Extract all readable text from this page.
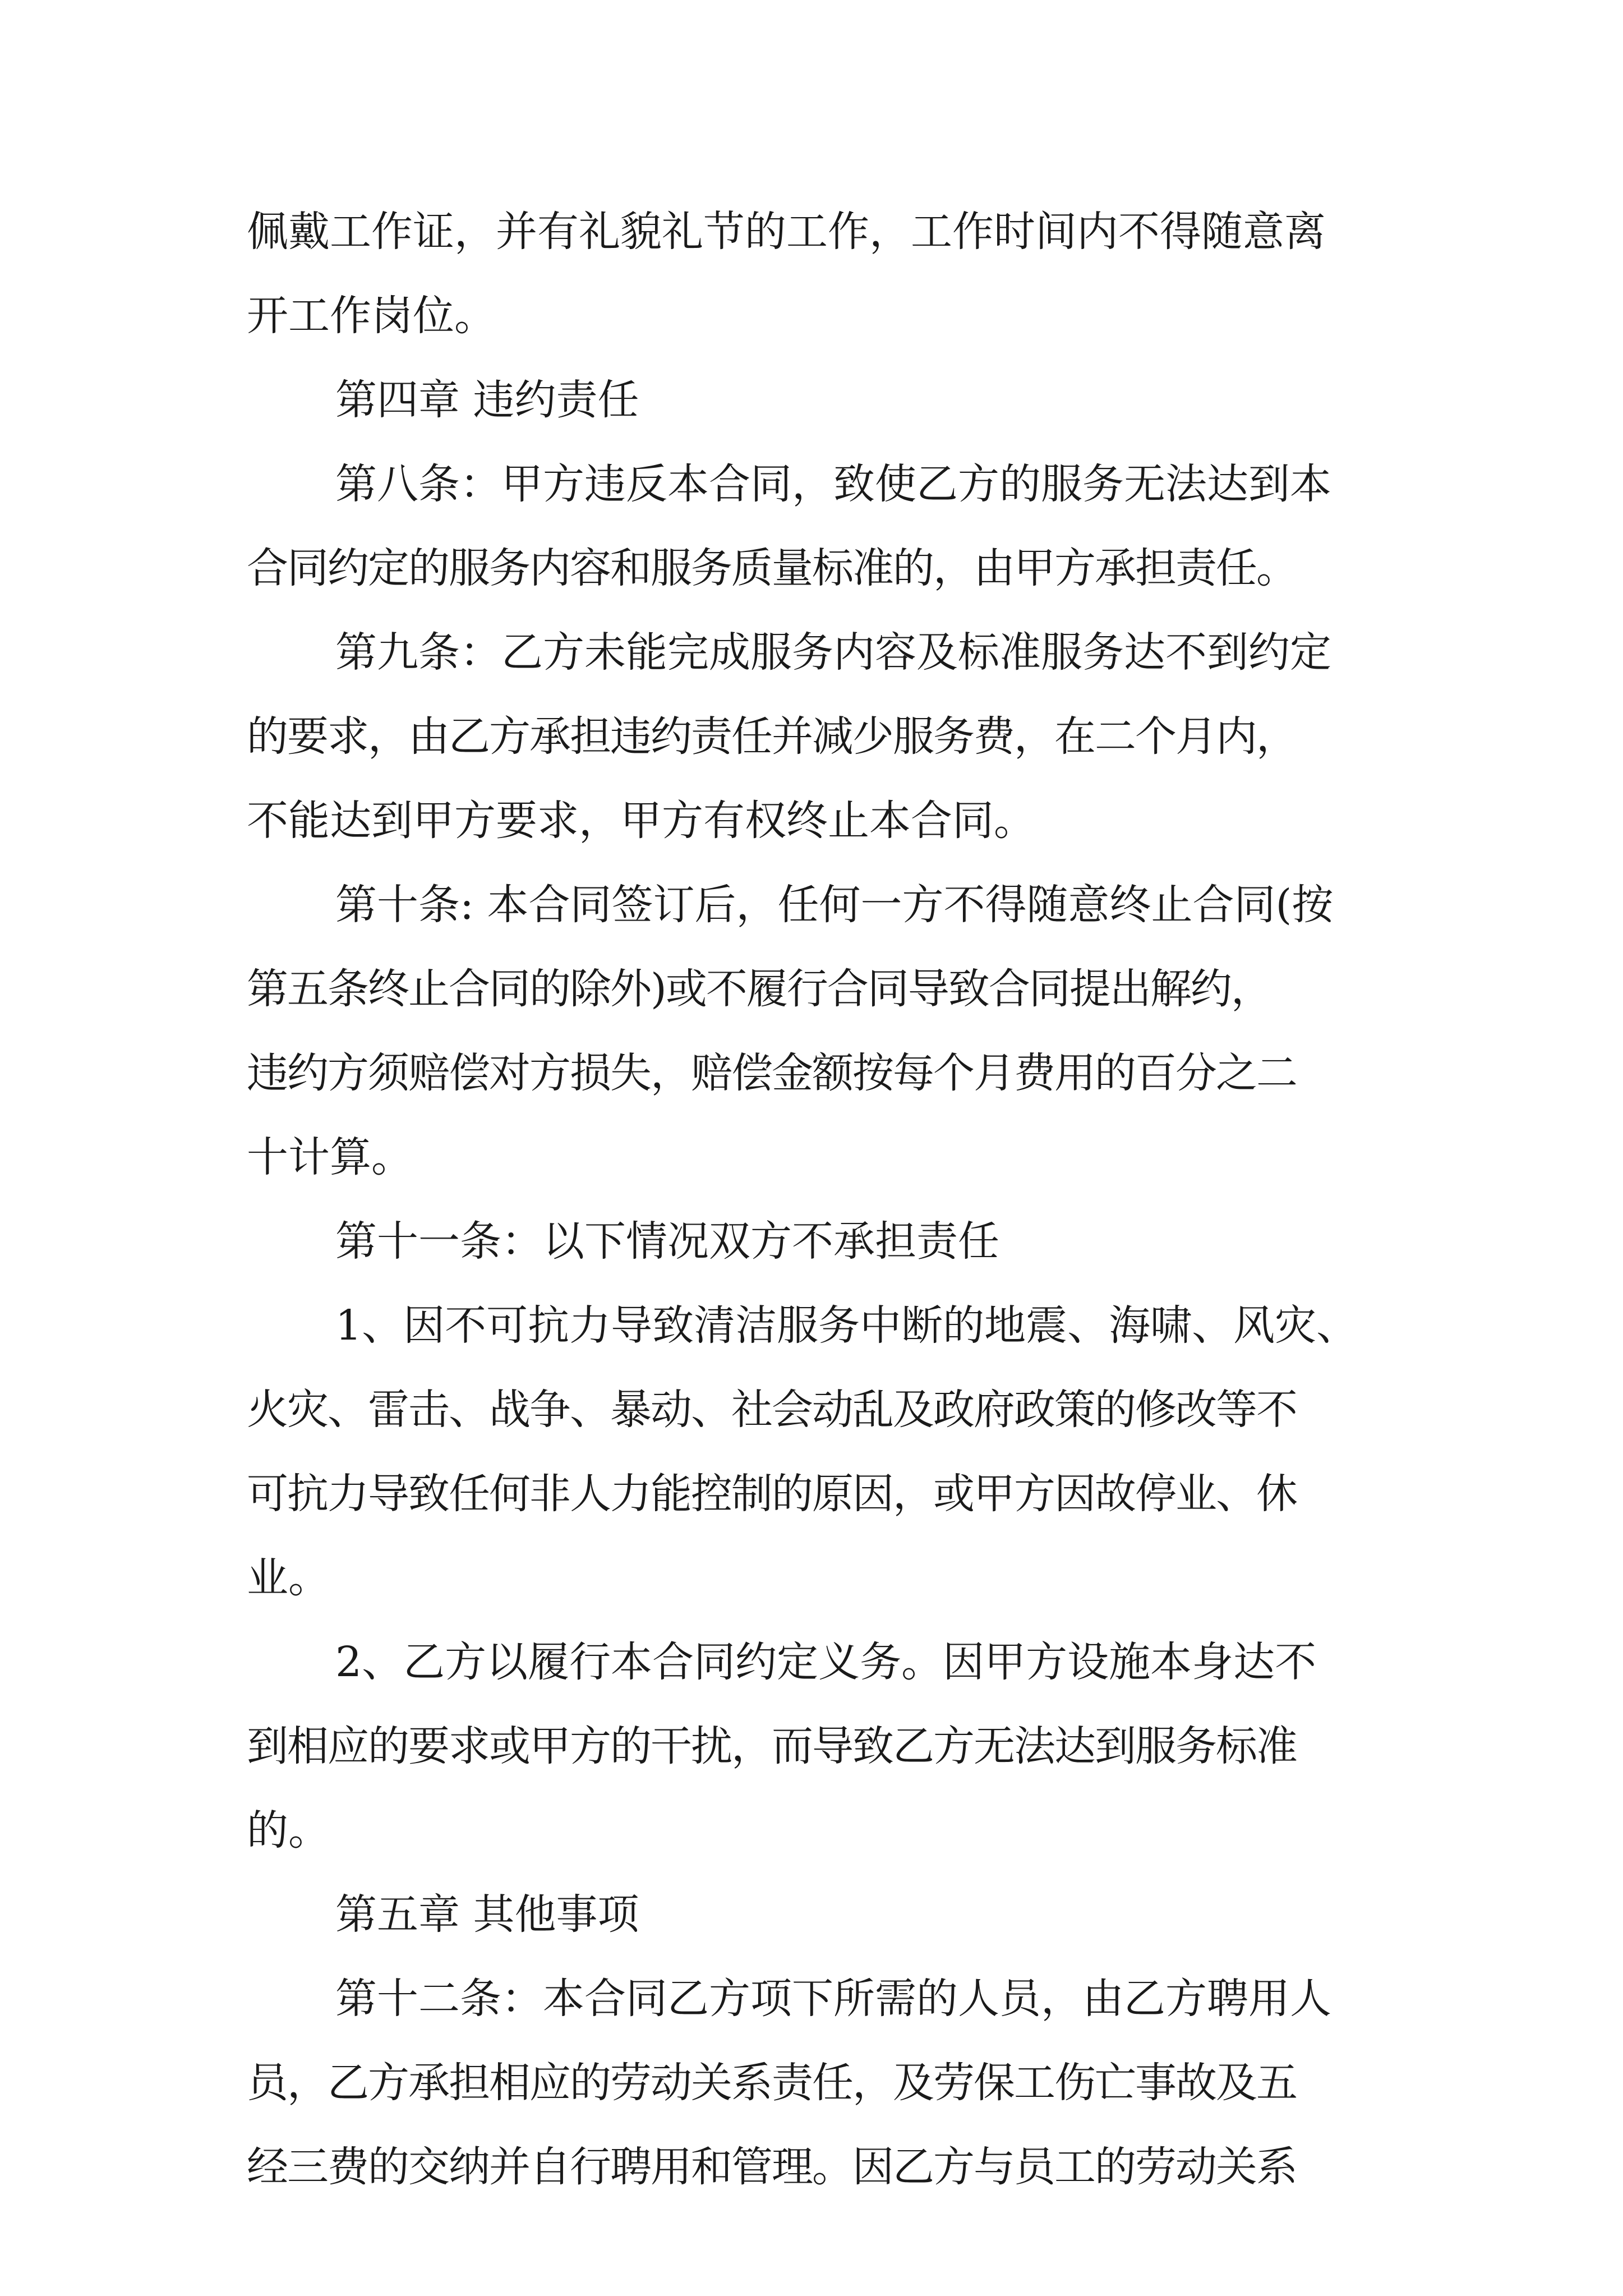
佩戴工作证，并有礼貌礼节的工作，工作时间内不得随意离
开工作岗位。
第四章 违约责任
第八条：甲方违反本合同，致使乙方的服务无法达到本
合同约定的服务内容和服务质量标准的，由甲方承担责任。
第九条：乙方未能完成服务内容及标准服务达不到约定
的要求，由乙方承担违约责任并减少服务费，在二个月内，
不能达到甲方要求，甲方有权终止本合同。
第十条: 本合同签订后，任何一方不得随意终止合同(按
第五条终止合同的除外)或不履行合同导致合同提出解约，
违约方须赔偿对方损失，赔偿金额按每个月费用的百分之二
十计算。
第十一条：以下情况双方不承担责任
1、因不可抗力导致清洁服务中断的地震、海啸、风灾、
火灾、雷击、战争、暴动、社会动乱及政府政策的修改等不
可抗力导致任何非人力能控制的原因，或甲方因故停业、休
业。
2、乙方以履行本合同约定义务。因甲方设施本身达不
到相应的要求或甲方的干扰，而导致乙方无法达到服务标准
的。
第五章 其他事项
第十二条：本合同乙方项下所需的人员，由乙方聘用人
员，乙方承担相应的劳动关系责任，及劳保工伤亡事故及五
经三费的交纳并自行聘用和管理。因乙方与员工的劳动关系
